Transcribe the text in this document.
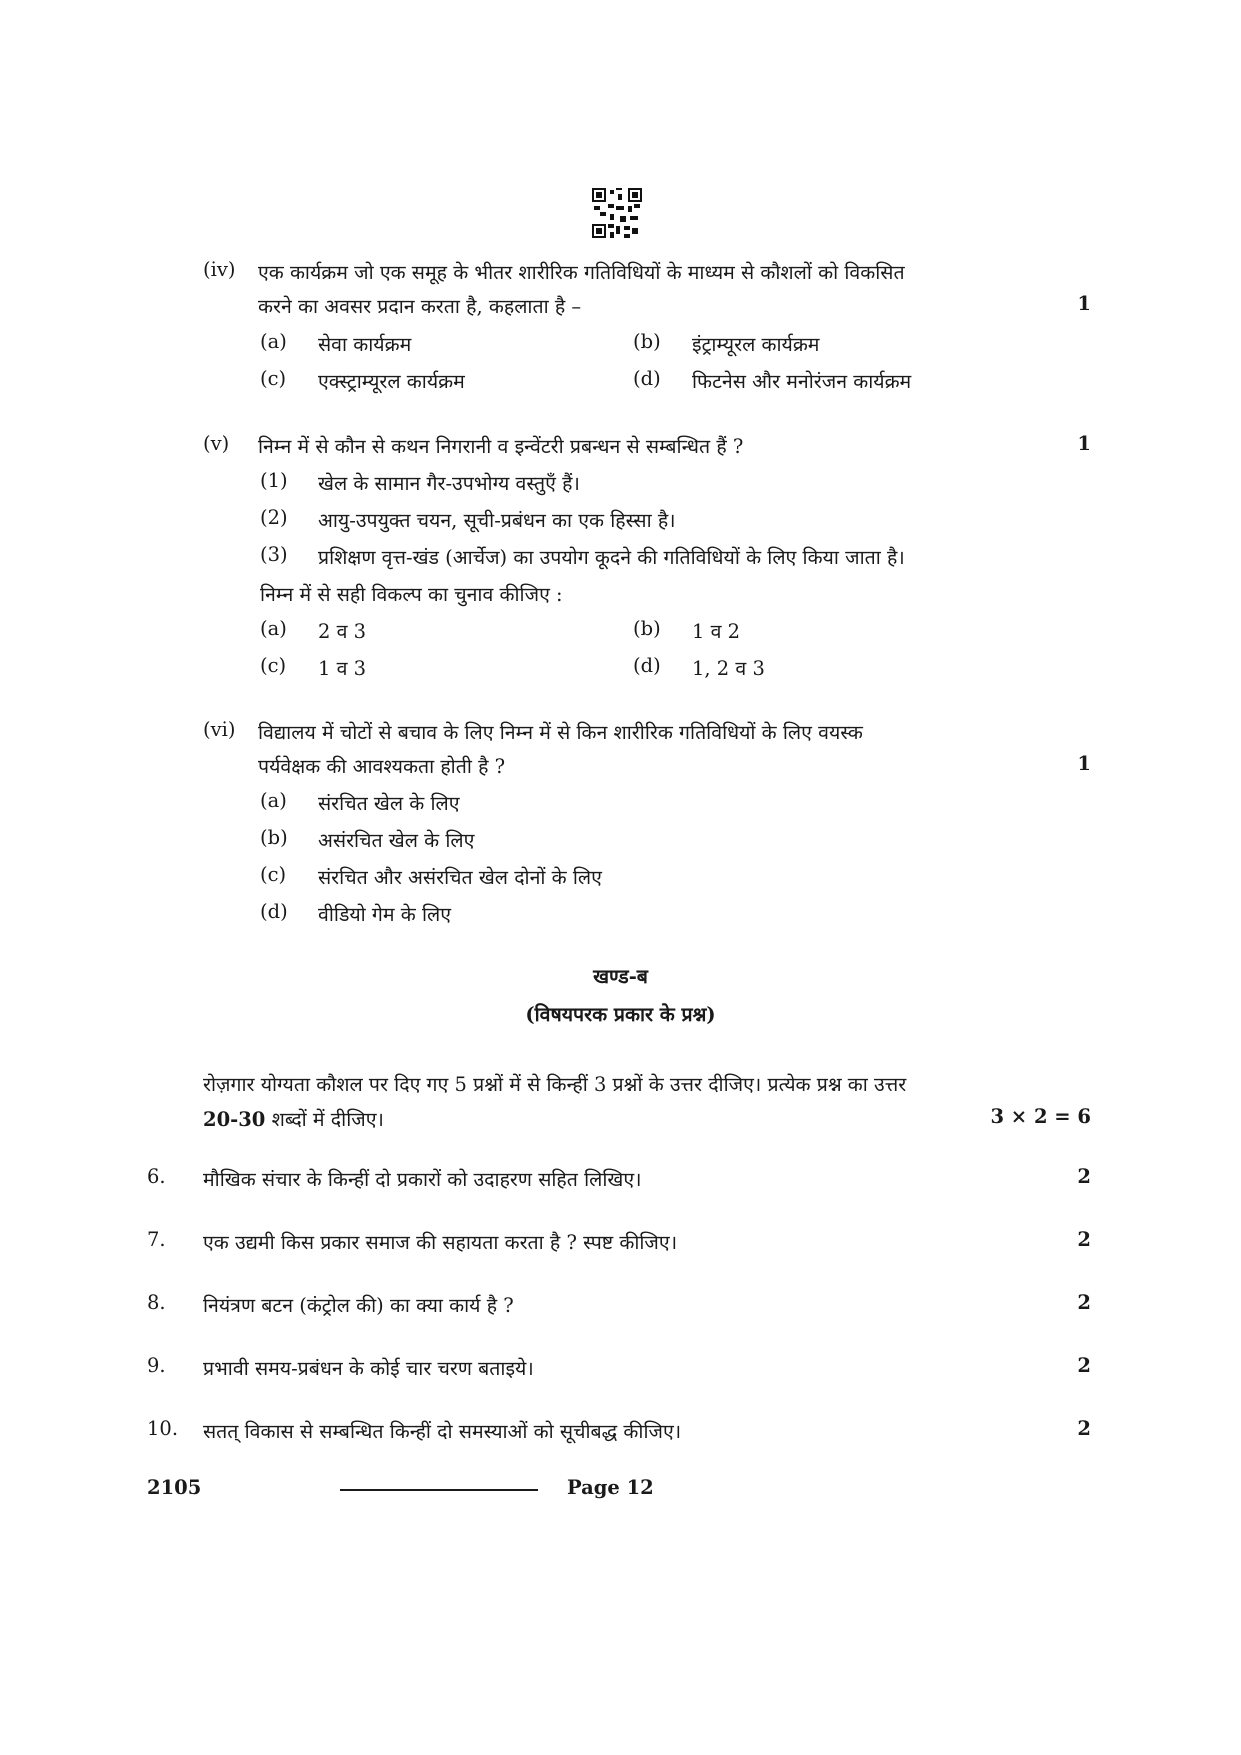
(iv) एक कार्यक्रम जो एक समूह के भीतर शारीरिक गतिविधियों के माध्यम से कौशलों को विकसित
करने का अवसर प्रदान करता है, कहलाता है –	1
(a) सेवा कार्यक्रम	(b) इंट्राम्यूरल कार्यक्रम
(c) एक्स्ट्राम्यूरल कार्यक्रम	(d) फिटनेस और मनोरंजन कार्यक्रम
(v) निम्न में से कौन से कथन निगरानी व इन्वेंटरी प्रबन्धन से सम्बन्धित हैं ?	1
(1) खेल के सामान गैर-उपभोग्य वस्तुएँ हैं।
(2) आयु-उपयुक्त चयन, सूची-प्रबंधन का एक हिस्सा है।
(3) प्रशिक्षण वृत्त-खंड (आर्चेज) का उपयोग कूदने की गतिविधियों के लिए किया जाता है।
निम्न में से सही विकल्प का चुनाव कीजिए :
(a) 2 व 3	(b) 1 व 2
(c) 1 व 3	(d) 1, 2 व 3
(vi) विद्यालय में चोटों से बचाव के लिए निम्न में से किन शारीरिक गतिविधियों के लिए वयस्क
पर्यवेक्षक की आवश्यकता होती है ?	1
(a) संरचित खेल के लिए
(b) असंरचित खेल के लिए
(c) संरचित और असंरचित खेल दोनों के लिए
(d) वीडियो गेम के लिए
खण्ड-ब
(विषयपरक प्रकार के प्रश्न)
रोज़गार योग्यता कौशल पर दिए गए 5 प्रश्नों में से किन्हीं 3 प्रश्नों के उत्तर दीजिए। प्रत्येक प्रश्न का उत्तर
20-30 शब्दों में दीजिए।	3 × 2 = 6
6. मौखिक संचार के किन्हीं दो प्रकारों को उदाहरण सहित लिखिए।	2
7. एक उद्यमी किस प्रकार समाज की सहायता करता है ? स्पष्ट कीजिए।	2
8. नियंत्रण बटन (कंट्रोल की) का क्या कार्य है ?	2
9. प्रभावी समय-प्रबंधन के कोई चार चरण बताइये।	2
10. सतत् विकास से सम्बन्धित किन्हीं दो समस्याओं को सूचीबद्ध कीजिए।	2
2105	Page 12
